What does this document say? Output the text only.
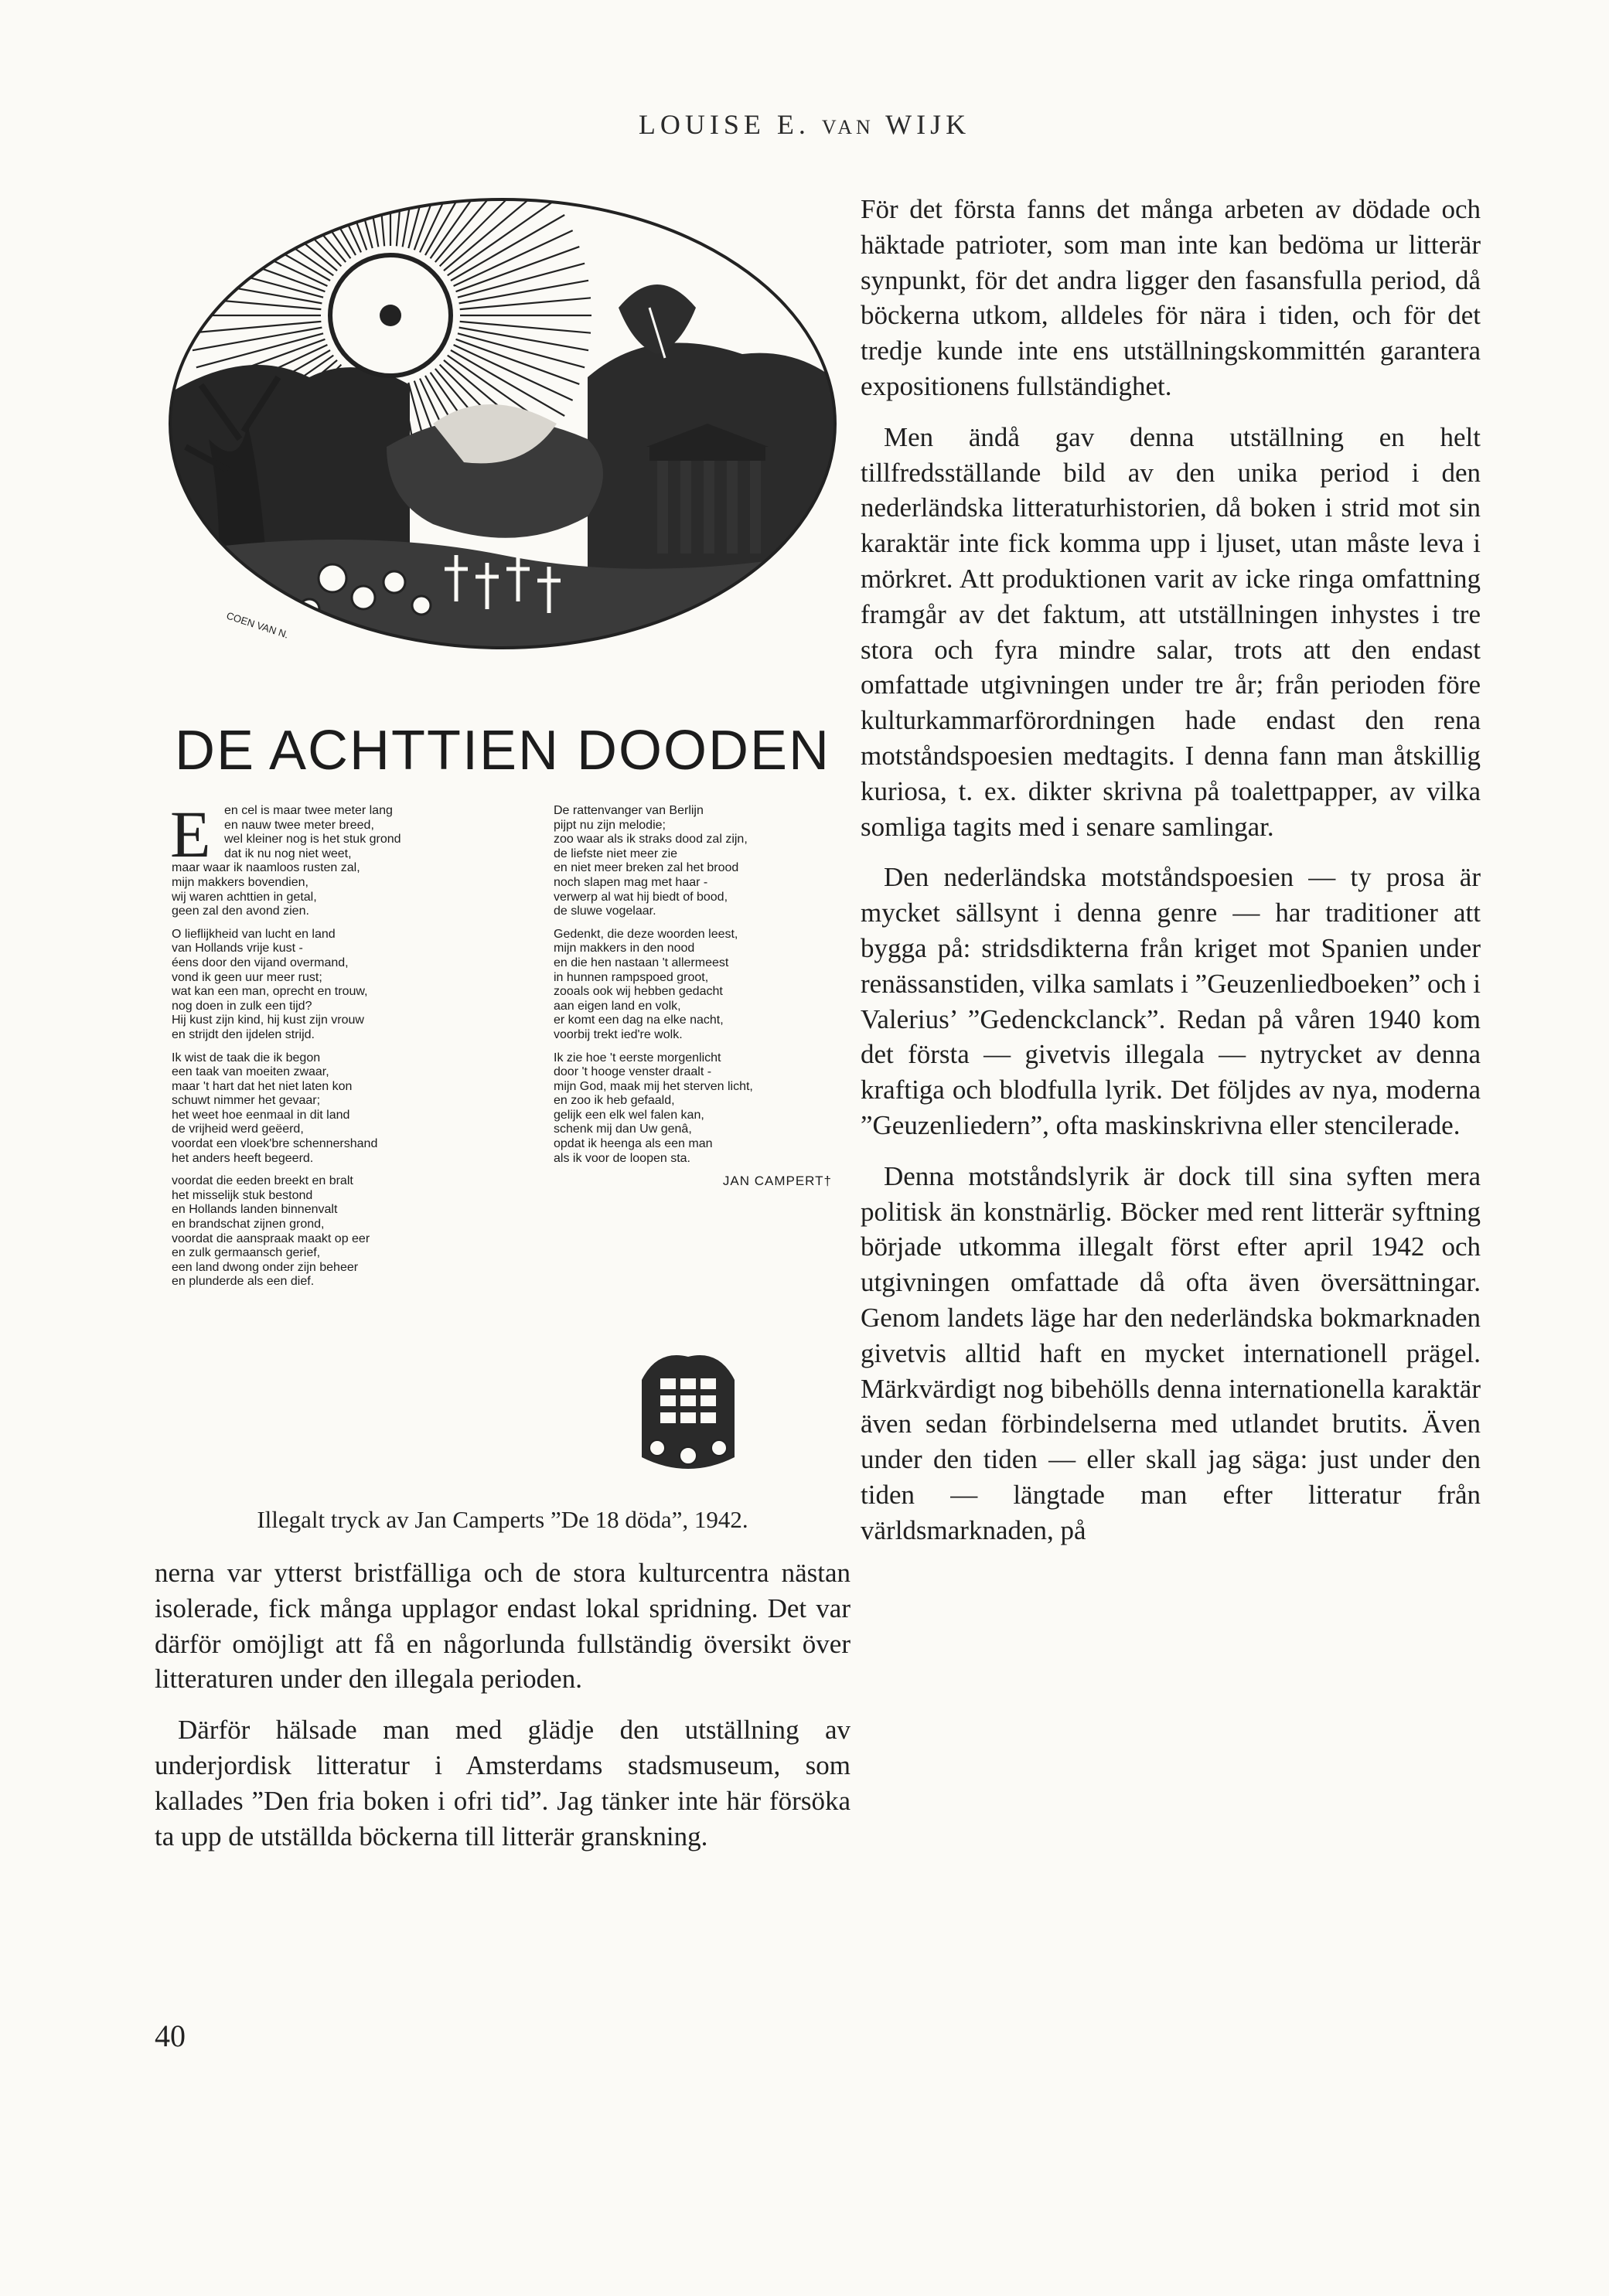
LOUISE E. VAN WIJK
COEN VAN N.
DE ACHTTIEN DOODEN
E	en cel is maar twee meter lang
en nauw twee meter breed,
wel kleiner nog is het stuk grond
dat ik nu nog niet weet,
maar waar ik naamloos rusten zal,
mijn makkers bovendien,
wij waren achttien in getal,
geen zal den avond zien.
O lieflijkheid van lucht en land
van Hollands vrije kust -
éens door den vijand overmand,
vond ik geen uur meer rust;
wat kan een man, oprecht en trouw,
nog doen in zulk een tijd?
Hij kust zijn kind, hij kust zijn vrouw
en strijdt den ijdelen strijd.
Ik wist de taak die ik begon
een taak van moeiten zwaar,
maar 't hart dat het niet laten kon
schuwt nimmer het gevaar;
het weet hoe eenmaal in dit land
de vrijheid werd geëerd,
voordat een vloek'bre schennershand
het anders heeft begeerd.
voordat die eeden breekt en bralt
het misselijk stuk bestond
en Hollands landen binnenvalt
en brandschat zijnen grond,
voordat die aanspraak maakt op eer
en zulk germaansch gerief,
een land dwong onder zijn beheer
en plunderde als een dief.
De rattenvanger van Berlijn
pijpt nu zijn melodie;
zoo waar als ik straks dood zal zijn,
de liefste niet meer zie
en niet meer breken zal het brood
noch slapen mag met haar -
verwerp al wat hij biedt of bood,
de sluwe vogelaar.
Gedenkt, die deze woorden leest,
mijn makkers in den nood
en die hen nastaan 't allermeest
in hunnen rampspoed groot,
zooals ook wij hebben gedacht
aan eigen land en volk,
er komt een dag na elke nacht,
voorbij trekt ied're wolk.
Ik zie hoe 't eerste morgenlicht
door 't hooge venster draalt -
mijn God, maak mij het sterven licht,
en zoo ik heb gefaald,
gelijk een elk wel falen kan,
schenk mij dan Uw genâ,
opdat ik heenga als een man
als ik voor de loopen sta.
JAN CAMPERT†
Illegalt tryck av Jan Camperts ”De 18 döda”, 1942.

nerna var ytterst bristfälliga och de stora kulturcentra nästan isolerade, fick många upplagor endast lokal spridning. Det var därför omöjligt att få en någorlunda fullständig översikt över litteraturen under den illegala perioden.

Därför hälsade man med glädje den utställning av underjordisk litteratur i Amsterdams stadsmuseum, som kallades ”Den fria boken i ofri tid”. Jag tänker inte här försöka ta upp de utställda böckerna till litterär granskning.

För det första fanns det många arbeten av dödade och häktade patrioter, som man inte kan bedöma ur litterär synpunkt, för det andra ligger den fasansfulla period, då böckerna utkom, alldeles för nära i tiden, och för det tredje kunde inte ens utställningskommittén garantera expositionens fullständighet.

Men ändå gav denna utställning en helt tillfredsställande bild av den unika period i den nederländska litteraturhistorien, då boken i strid mot sin karaktär inte fick komma upp i ljuset, utan måste leva i mörkret. Att produktionen varit av icke ringa omfattning framgår av det faktum, att utställningen inhystes i tre stora och fyra mindre salar, trots att den endast omfattade utgivningen under tre år; från perioden före kulturkammarförordningen hade endast den rena motståndspoesien medtagits. I denna fann man åtskillig kuriosa, t. ex. dikter skrivna på toalettpapper, av vilka somliga tagits med i senare samlingar.

Den nederländska motståndspoesien — ty prosa är mycket sällsynt i denna genre — har traditioner att bygga på: stridsdikterna från kriget mot Spanien under renässanstiden, vilka samlats i ”Geuzenliedboeken” och i Valerius’ ”Gedenckclanck”. Redan på våren 1940 kom det första — givetvis illegala — nytrycket av denna kraftiga och blodfulla lyrik. Det följdes av nya, moderna ”Geuzenliedern”, ofta maskinskrivna eller stencilerade.

Denna motståndslyrik är dock till sina syften mera politisk än konstnärlig. Böcker med rent litterär syftning började utkomma illegalt först efter april 1942 och utgivningen omfattade då ofta även översättningar. Genom landets läge har den nederländska bokmarknaden givetvis alltid haft en mycket internationell prägel. Märkvärdigt nog bibehölls denna internationella karaktär även sedan förbindelserna med utlandet brutits. Även under den tiden — eller skall jag säga: just under den tiden — längtade man efter litteratur från världsmarknaden, på

40
